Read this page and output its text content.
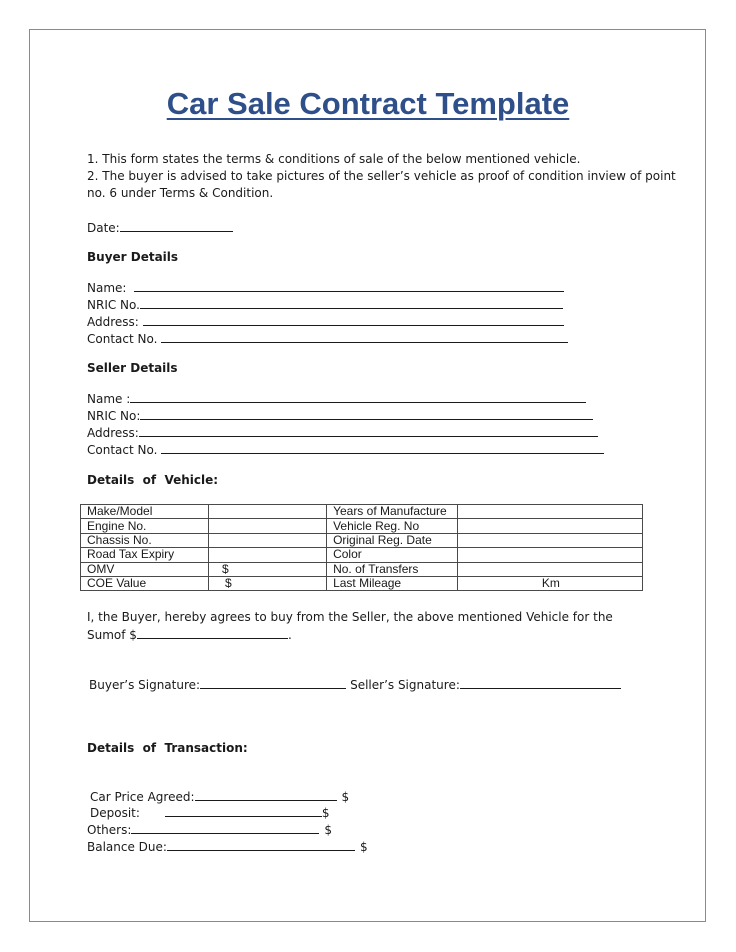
Car Sale Contract Template
1. This form states the terms & conditions of sale of the below mentioned vehicle.
2. The buyer is advised to take pictures of the seller’s vehicle as proof of condition inview of point
no. 6 under Terms & Condition.
Date:
Buyer Details
Name:
NRIC No.
Address:
Contact No.
Seller Details
Name :
NRIC No:
Address:
Contact No.
Details  of  Vehicle:
Make/Model		Years of Manufacture	
Engine No.		Vehicle Reg. No	
Chassis No.		Original Reg. Date	
Road Tax Expiry		Color	
OMV	$	No. of Transfers	
COE Value	$	Last Mileage	Km
I, the Buyer, hereby agrees to buy from the Seller, the above mentioned Vehicle for the
Sumof $	.
Buyer’s Signature:	Seller’s Signature:
Details  of  Transaction:
Car Price Agreed:	$
Deposit:	$
Others:	$
Balance Due:	$
